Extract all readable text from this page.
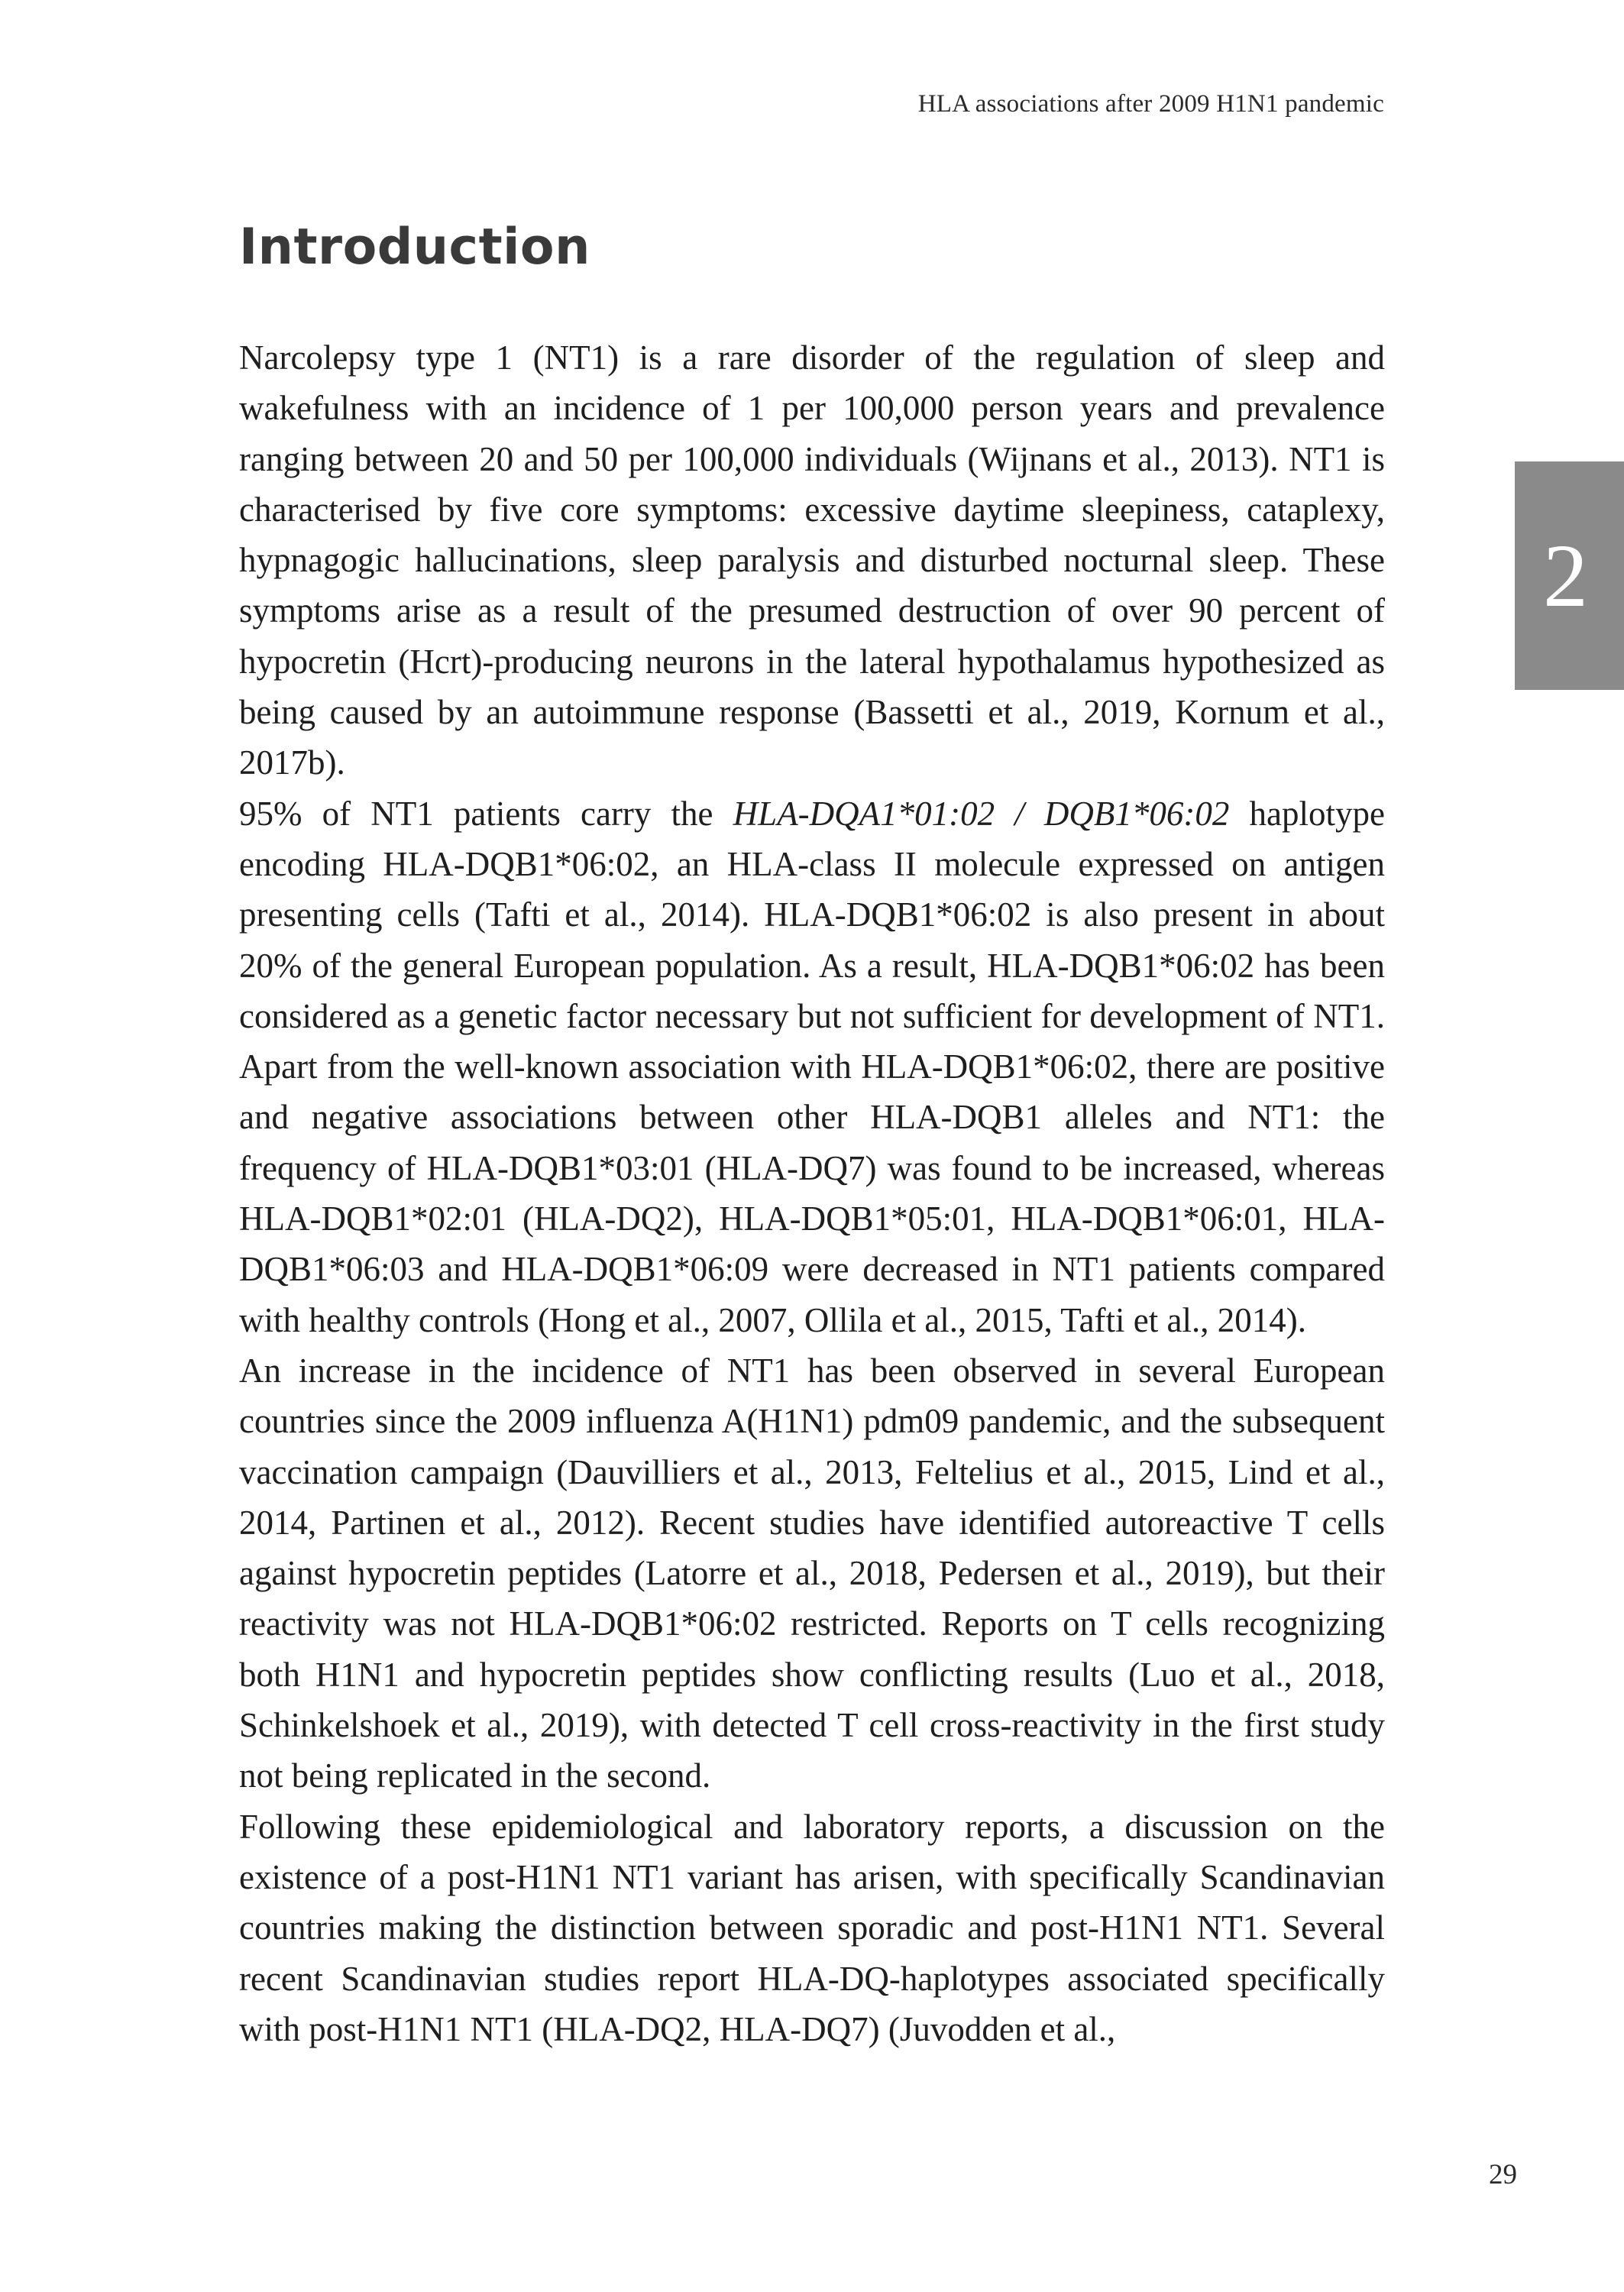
HLA associations after 2009 H1N1 pandemic
Introduction

Narcolepsy type 1 (NT1) is a rare disorder of the regulation of sleep and wakefulness with an incidence of 1 per 100,000 person years and prevalence ranging between 20 and 50 per 100,000 individuals (Wijnans et al., 2013). NT1 is characterised by five core symptoms: excessive daytime sleepiness, cataplexy, hypnagogic hallucinations, sleep paralysis and disturbed nocturnal sleep. These symptoms arise as a result of the presumed destruction of over 90 percent of hypocretin (Hcrt)-producing neurons in the lateral hypothalamus hypothesized as being caused by an autoimmune response (Bassetti et al., 2019, Kornum et al., 2017b).

95% of NT1 patients carry the HLA-DQA1*01:02 / DQB1*06:02 haplotype encoding HLA-DQB1*06:02, an HLA-class II molecule expressed on antigen presenting cells (Tafti et al., 2014). HLA-DQB1*06:02 is also present in about 20% of the general European population. As a result, HLA-DQB1*06:02 has been considered as a genetic factor necessary but not sufficient for development of NT1. Apart from the well-known association with HLA-DQB1*06:02, there are positive and negative associations between other HLA-DQB1 alleles and NT1: the frequency of HLA-DQB1*03:01 (HLA-DQ7) was found to be increased, whereas HLA-DQB1*02:01 (HLA-DQ2), HLA-DQB1*05:01, HLA-DQB1*06:01, HLA-DQB1*06:03 and HLA-DQB1*06:09 were decreased in NT1 patients compared with healthy controls (Hong et al., 2007, Ollila et al., 2015, Tafti et al., 2014).

An increase in the incidence of NT1 has been observed in several European countries since the 2009 influenza A(H1N1) pdm09 pandemic, and the subsequent vaccination campaign (Dauvilliers et al., 2013, Feltelius et al., 2015, Lind et al., 2014, Partinen et al., 2012). Recent studies have identified autoreactive T cells against hypocretin peptides (Latorre et al., 2018, Pedersen et al., 2019), but their reactivity was not HLA-DQB1*06:02 restricted. Reports on T cells recognizing both H1N1 and hypocretin peptides show conflicting results (Luo et al., 2018, Schinkelshoek et al., 2019), with detected T cell cross-reactivity in the first study not being replicated in the second.

Following these epidemiological and laboratory reports, a discussion on the existence of a post-H1N1 NT1 variant has arisen, with specifically Scandinavian countries making the distinction between sporadic and post-H1N1 NT1. Several recent Scandinavian studies report HLA-DQ-haplotypes associated specifically with post-H1N1 NT1 (HLA-DQ2, HLA-DQ7) (Juvodden et al.,

2
29
